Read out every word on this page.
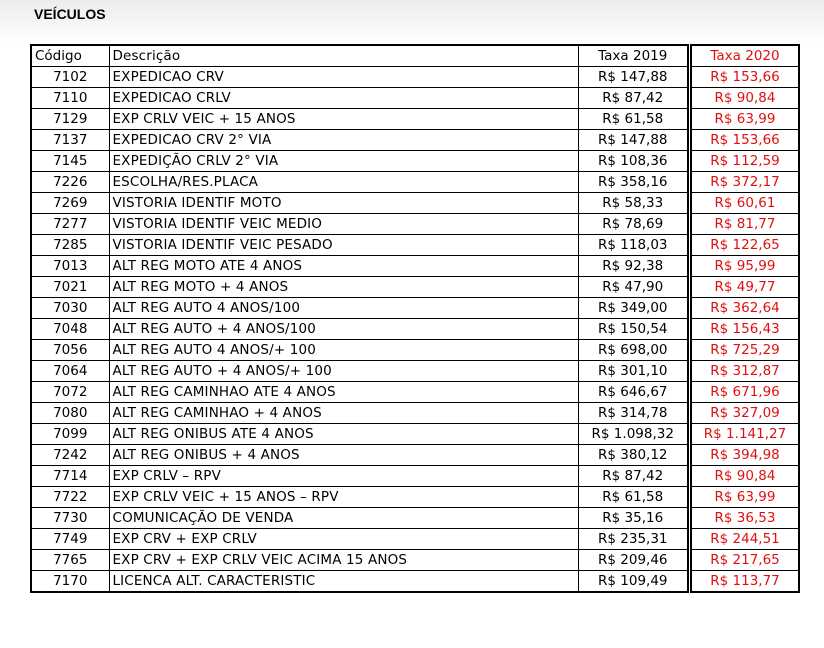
VEÍCULOS
Código	Descrição	Taxa 2019		Taxa 2020
7102	EXPEDICAO CRV	R$ 147,88		R$ 153,66
7110	EXPEDICAO CRLV	R$ 87,42		R$ 90,84
7129	EXP CRLV VEIC + 15 ANOS	R$ 61,58		R$ 63,99
7137	EXPEDICAO CRV 2° VIA	R$ 147,88		R$ 153,66
7145	EXPEDIÇÃO CRLV 2° VIA	R$ 108,36		R$ 112,59
7226	ESCOLHA/RES.PLACA	R$ 358,16		R$ 372,17
7269	VISTORIA IDENTIF MOTO	R$ 58,33		R$ 60,61
7277	VISTORIA IDENTIF VEIC MEDIO	R$ 78,69		R$ 81,77
7285	VISTORIA IDENTIF VEIC PESADO	R$ 118,03		R$ 122,65
7013	ALT REG MOTO ATE 4 ANOS	R$ 92,38		R$ 95,99
7021	ALT REG MOTO + 4 ANOS	R$ 47,90		R$ 49,77
7030	ALT REG AUTO 4 ANOS/100	R$ 349,00		R$ 362,64
7048	ALT REG AUTO + 4 ANOS/100	R$ 150,54		R$ 156,43
7056	ALT REG AUTO 4 ANOS/+ 100	R$ 698,00		R$ 725,29
7064	ALT REG AUTO + 4 ANOS/+ 100	R$ 301,10		R$ 312,87
7072	ALT REG CAMINHAO ATE 4 ANOS	R$ 646,67		R$ 671,96
7080	ALT REG CAMINHAO + 4 ANOS	R$ 314,78		R$ 327,09
7099	ALT REG ONIBUS ATE 4 ANOS	R$ 1.098,32		R$ 1.141,27
7242	ALT REG ONIBUS + 4 ANOS	R$ 380,12		R$ 394,98
7714	EXP CRLV – RPV	R$ 87,42		R$ 90,84
7722	EXP CRLV VEIC + 15 ANOS – RPV	R$ 61,58		R$ 63,99
7730	COMUNICAÇÃO DE VENDA	R$ 35,16		R$ 36,53
7749	EXP CRV + EXP CRLV	R$ 235,31		R$ 244,51
7765	EXP CRV + EXP CRLV VEIC ACIMA 15 ANOS	R$ 209,46		R$ 217,65
7170	LICENCA ALT. CARACTERISTIC	R$ 109,49		R$ 113,77
